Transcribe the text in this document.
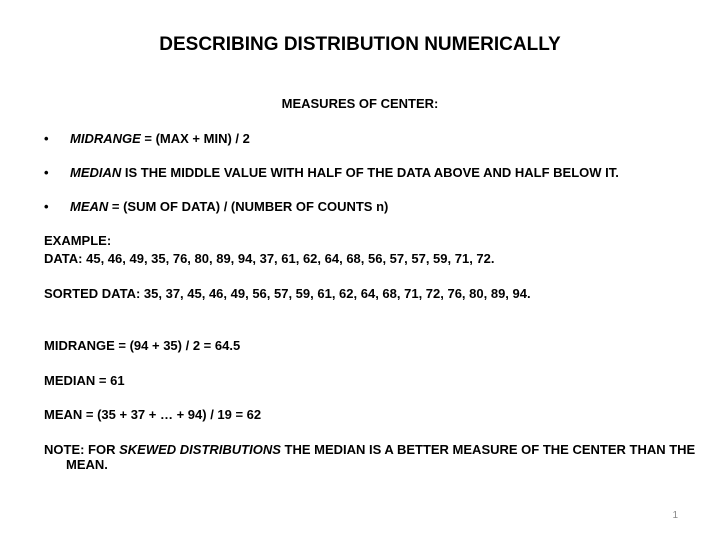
DESCRIBING DISTRIBUTION NUMERICALLY
MEASURES OF CENTER:
• MIDRANGE = (MAX + MIN) / 2
• MEDIAN IS THE MIDDLE VALUE WITH HALF OF THE DATA ABOVE AND HALF BELOW IT.
• MEAN = (SUM OF DATA) / (NUMBER OF COUNTS n)
EXAMPLE:
DATA: 45, 46, 49, 35, 76, 80, 89, 94, 37, 61, 62, 64, 68, 56, 57, 57, 59, 71, 72.
SORTED DATA: 35, 37, 45, 46, 49, 56, 57, 59, 61, 62, 64, 68, 71, 72, 76, 80, 89, 94.
MIDRANGE = (94 + 35) / 2 = 64.5
MEDIAN = 61
MEAN = (35 + 37 + … + 94) / 19 = 62
NOTE: FOR SKEWED DISTRIBUTIONS THE MEDIAN IS A BETTER MEASURE OF THE CENTER THAN THE MEAN.
1
